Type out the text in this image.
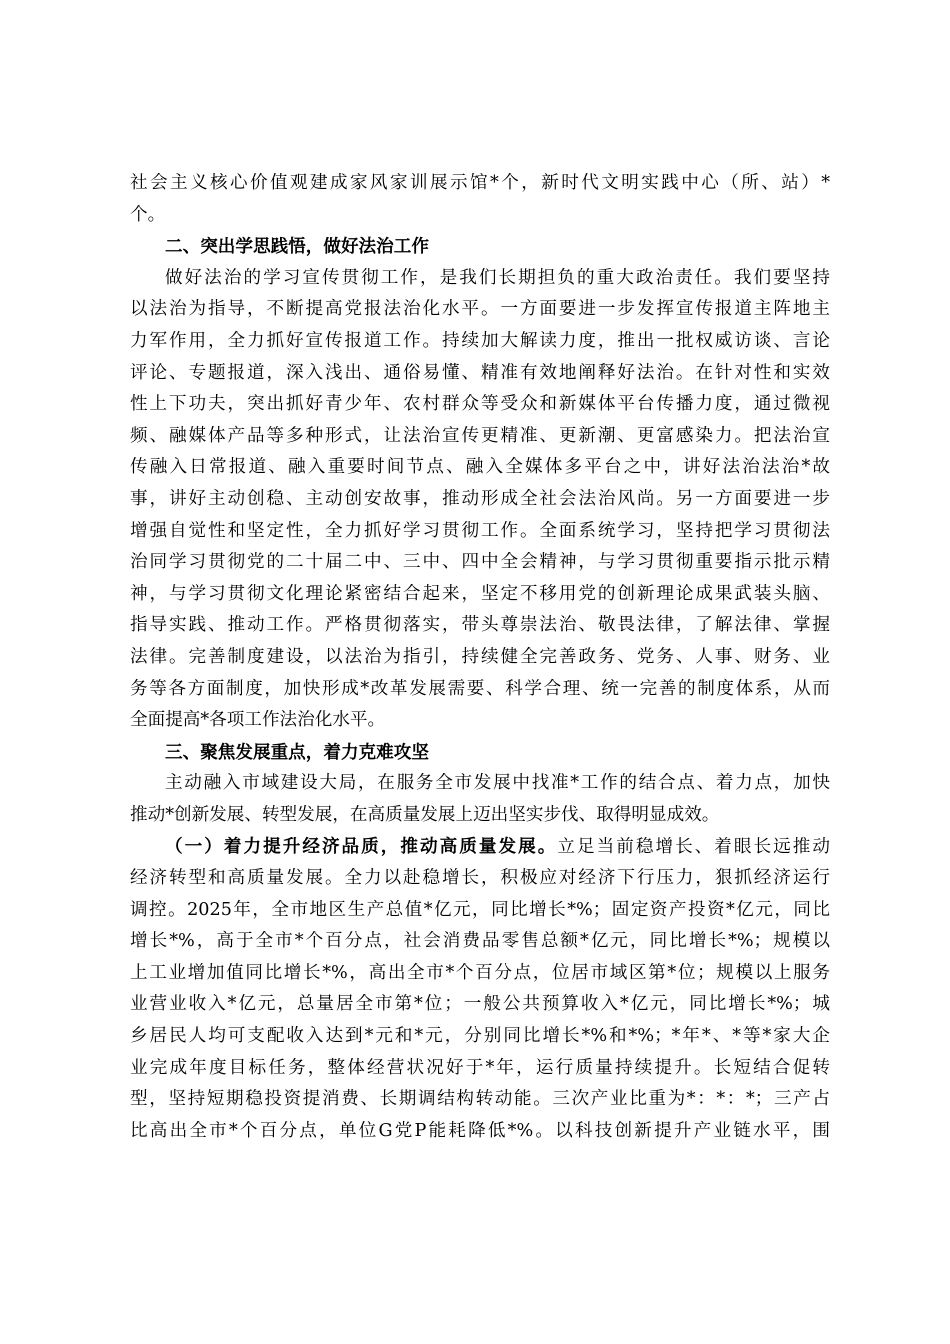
社会主义核心价值观建成家风家训展示馆*个，新时代文明实践中心（所、站）*
个。
二、突出学思践悟，做好法治工作
做好法治的学习宣传贯彻工作，是我们长期担负的重大政治责任。我们要坚持
以法治为指导，不断提高党报法治化水平。一方面要进一步发挥宣传报道主阵地主
力军作用，全力抓好宣传报道工作。持续加大解读力度，推出一批权威访谈、言论
评论、专题报道，深入浅出、通俗易懂、精准有效地阐释好法治。在针对性和实效
性上下功夫，突出抓好青少年、农村群众等受众和新媒体平台传播力度，通过微视
频、融媒体产品等多种形式，让法治宣传更精准、更新潮、更富感染力。把法治宣
传融入日常报道、融入重要时间节点、融入全媒体多平台之中，讲好法治法治*故
事，讲好主动创稳、主动创安故事，推动形成全社会法治风尚。另一方面要进一步
增强自觉性和坚定性，全力抓好学习贯彻工作。全面系统学习，坚持把学习贯彻法
治同学习贯彻党的二十届二中、三中、四中全会精神，与学习贯彻重要指示批示精
神，与学习贯彻文化理论紧密结合起来，坚定不移用党的创新理论成果武装头脑、
指导实践、推动工作。严格贯彻落实，带头尊崇法治、敬畏法律，了解法律、掌握
法律。完善制度建设，以法治为指引，持续健全完善政务、党务、人事、财务、业
务等各方面制度，加快形成*改革发展需要、科学合理、统一完善的制度体系，从而
全面提高*各项工作法治化水平。
三、聚焦发展重点，着力克难攻坚
主动融入市域建设大局，在服务全市发展中找准*工作的结合点、着力点，加快
推动*创新发展、转型发展，在高质量发展上迈出坚实步伐、取得明显成效。
（一）着力提升经济品质，推动高质量发展。立足当前稳增长、着眼长远推动
经济转型和高质量发展。全力以赴稳增长，积极应对经济下行压力，狠抓经济运行
调控。2025年，全市地区生产总值*亿元，同比增长*%；固定资产投资*亿元，同比
增长*%，高于全市*个百分点，社会消费品零售总额*亿元，同比增长*%；规模以
上工业增加值同比增长*%，高出全市*个百分点，位居市域区第*位；规模以上服务
业营业收入*亿元，总量居全市第*位；一般公共预算收入*亿元，同比增长*%；城
乡居民人均可支配收入达到*元和*元，分别同比增长*%和*%；*年*、*等*家大企
业完成年度目标任务，整体经营状况好于*年，运行质量持续提升。长短结合促转
型，坚持短期稳投资提消费、长期调结构转动能。三次产业比重为*：*：*；三产占
比高出全市*个百分点，单位G党P能耗降低*%。以科技创新提升产业链水平，围
